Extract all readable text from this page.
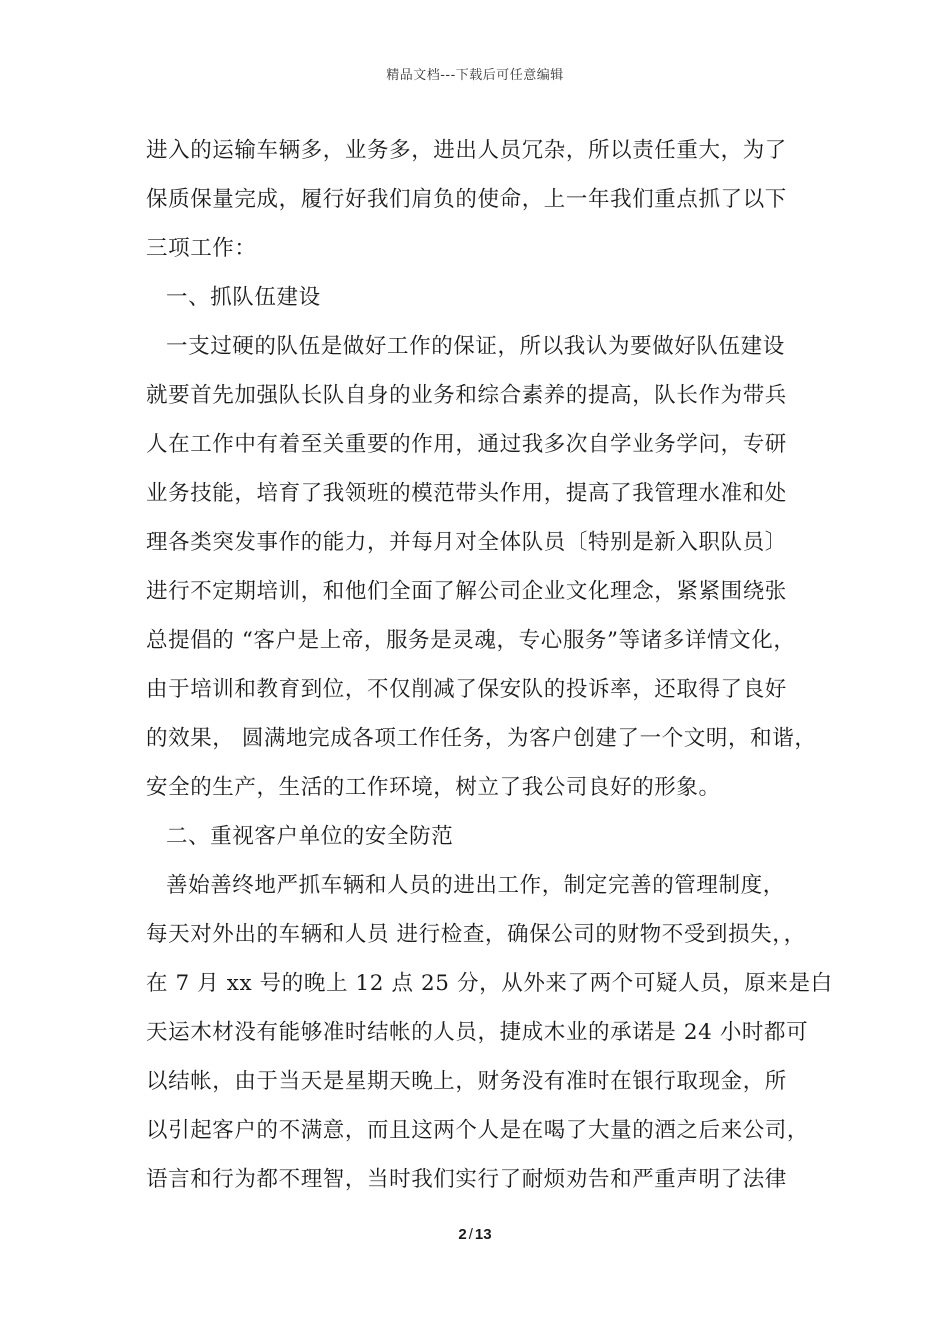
精品文档---下载后可任意编辑
进入的运输车辆多，业务多，进出人员冗杂，所以责任重大，为了
保质保量完成，履行好我们肩负的使命，上一年我们重点抓了以下
三项工作：
一、抓队伍建设
一支过硬的队伍是做好工作的保证，所以我认为要做好队伍建设
就要首先加强队长队自身的业务和综合素养的提高，队长作为带兵
人在工作中有着至关重要的作用，通过我多次自学业务学问，专研
业务技能，培育了我领班的模范带头作用，提高了我管理水准和处
理各类突发事作的能力，并每月对全体队员〔特别是新入职队员〕
进行不定期培训，和他们全面了解公司企业文化理念，紧紧围绕张
总提倡的 “客户是上帝，服务是灵魂，专心服务”等诸多详情文化，
由于培训和教育到位，不仅削减了保安队的投诉率，还取得了良好
的效果， 圆满地完成各项工作任务，为客户创建了一个文明，和谐，
安全的生产，生活的工作环境，树立了我公司良好的形象。
二、重视客户单位的安全防范
善始善终地严抓车辆和人员的进出工作，制定完善的管理制度，
每天对外出的车辆和人员 进行检查，确保公司的财物不受到损失，，
在 7 月 xx 号的晚上 12 点 25 分，从外来了两个可疑人员，原来是白
天运木材没有能够准时结帐的人员，捷成木业的承诺是 24 小时都可
以结帐，由于当天是星期天晚上，财务没有准时在银行取现金，所
以引起客户的不满意，而且这两个人是在喝了大量的酒之后来公司，
语言和行为都不理智，当时我们实行了耐烦劝告和严重声明了法律
2 / 13
